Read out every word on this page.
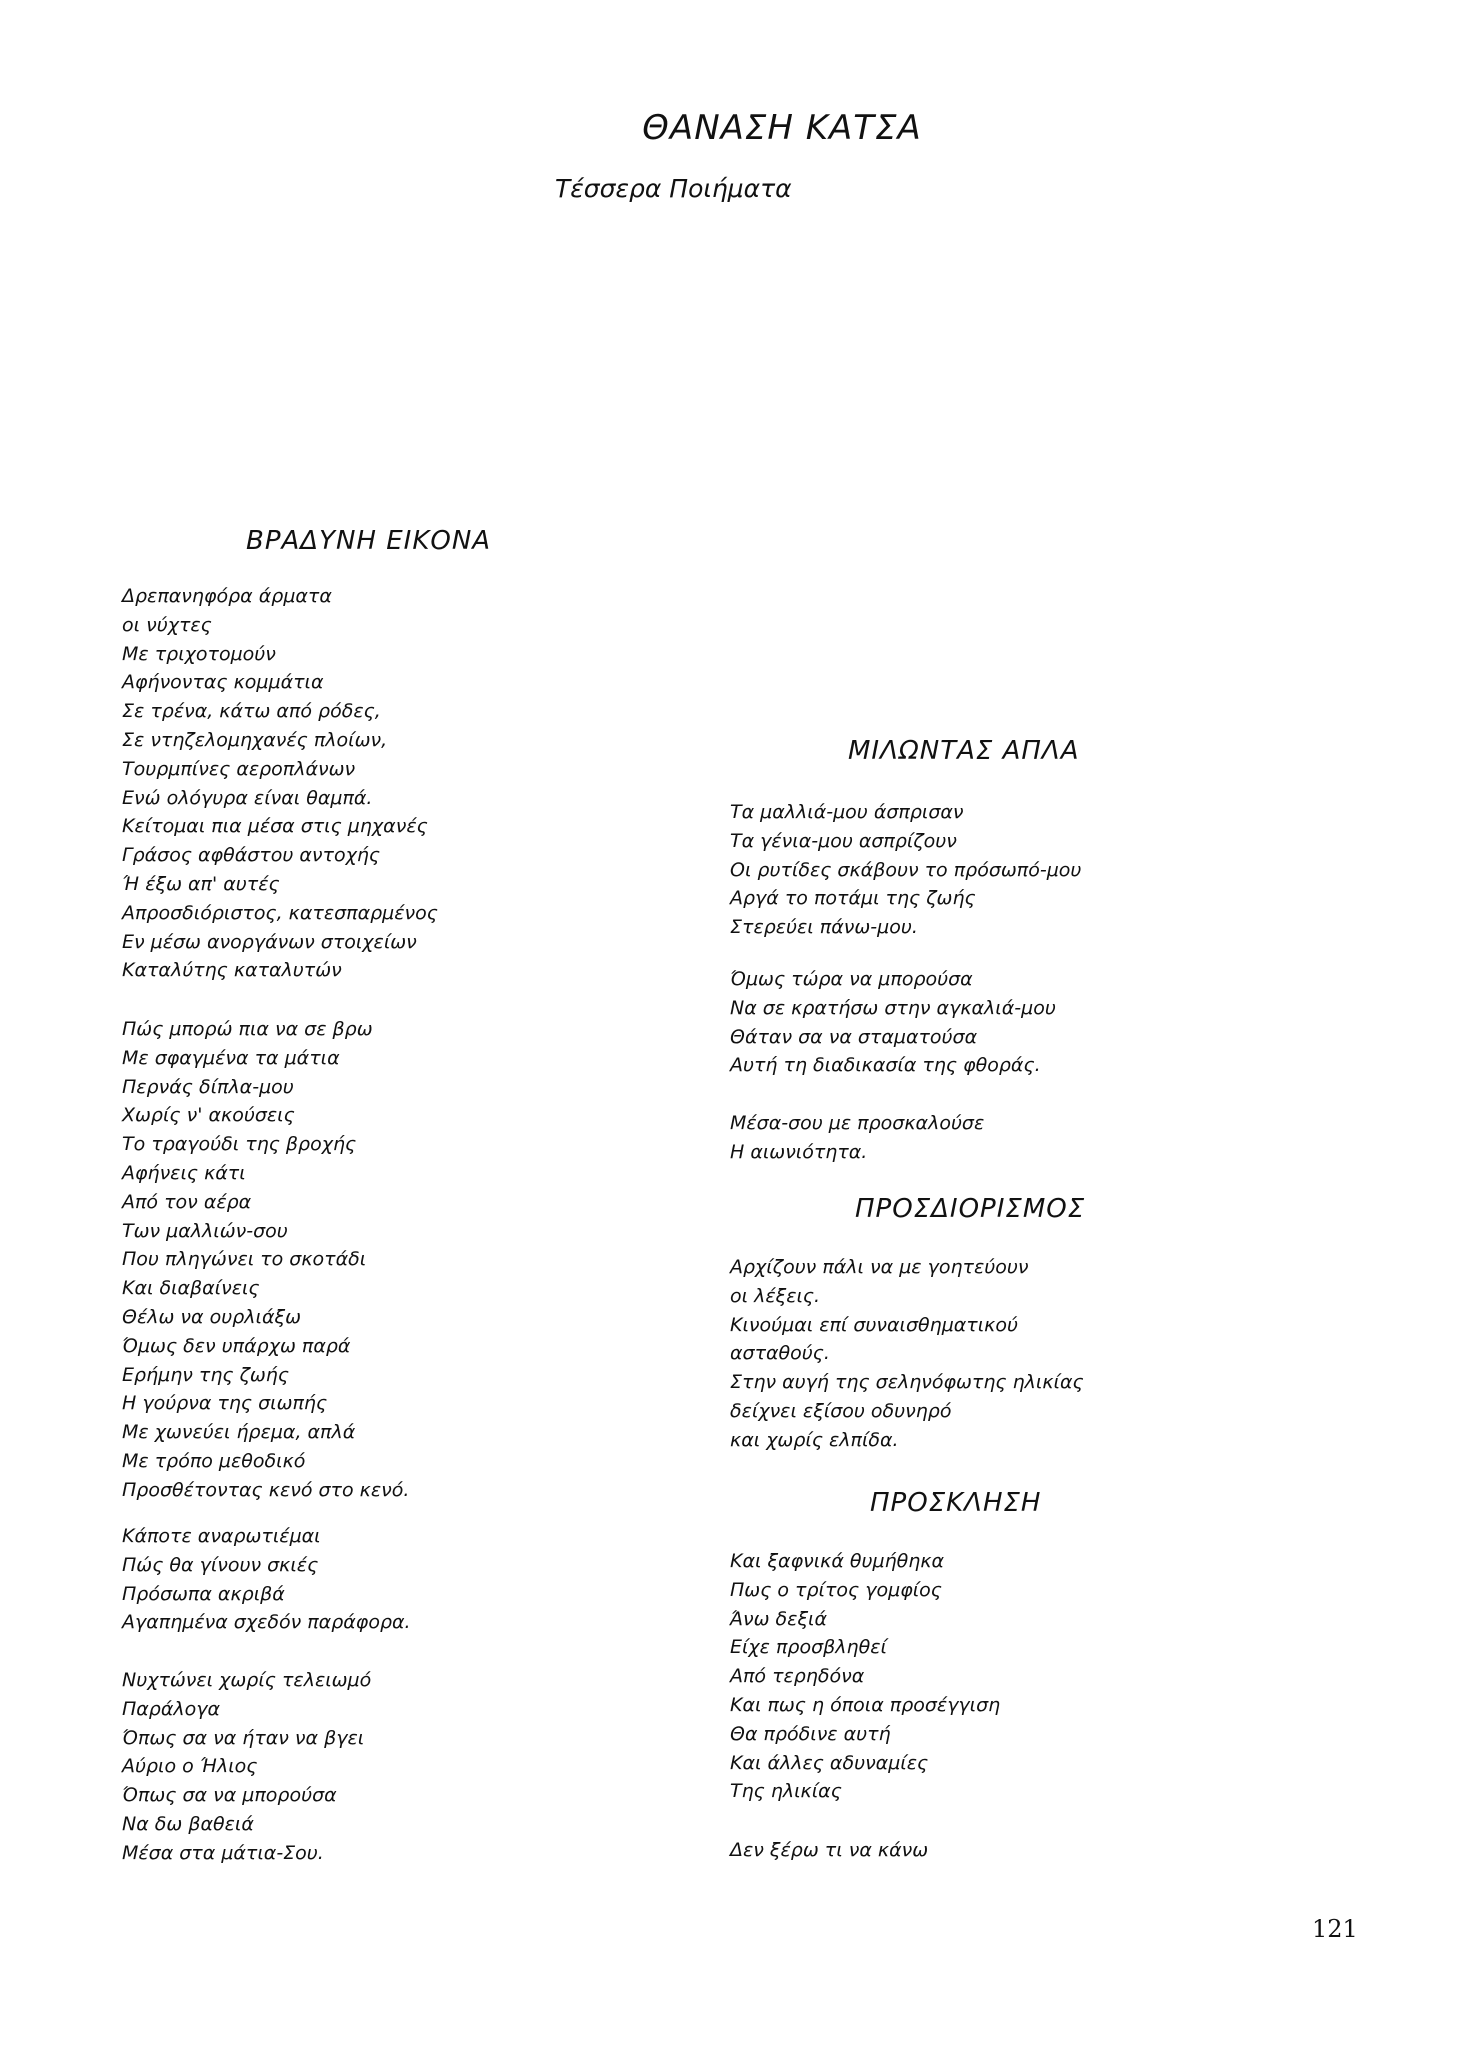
ΘΑΝΑΣΗ ΚΑΤΣΑ
Τέσσερα Ποιήματα
ΒΡΑΔΥΝΗ ΕΙΚΟΝΑ
Δρεπανηφόρα άρματα
οι νύχτες
Με τριχοτομούν
Αφήνοντας κομμάτια
Σε τρένα, κάτω από ρόδες,
Σε ντηζελομηχανές πλοίων,
Τουρμπίνες αεροπλάνων
Ενώ ολόγυρα είναι θαμπά.
Κείτομαι πια μέσα στις μηχανές
Γράσος αφθάστου αντοχής
Ή έξω απ' αυτές
Απροσδιόριστος, κατεσπαρμένος
Εν μέσω ανοργάνων στοιχείων
Καταλύτης καταλυτών
Πώς μπορώ πια να σε βρω
Με σφαγμένα τα μάτια
Περνάς δίπλα-μου
Χωρίς ν' ακούσεις
Το τραγούδι της βροχής
Αφήνεις κάτι
Από τον αέρα
Των μαλλιών-σου
Που πληγώνει το σκοτάδι
Και διαβαίνεις
Θέλω να ουρλιάξω
Όμως δεν υπάρχω παρά
Ερήμην της ζωής
Η γούρνα της σιωπής
Με χωνεύει ήρεμα, απλά
Με τρόπο μεθοδικό
Προσθέτοντας κενό στο κενό.
Κάποτε αναρωτιέμαι
Πώς θα γίνουν σκιές
Πρόσωπα ακριβά
Αγαπημένα σχεδόν παράφορα.
Νυχτώνει χωρίς τελειωμό
Παράλογα
Όπως σα να ήταν να βγει
Αύριο ο Ήλιος
Όπως σα να μπορούσα
Να δω βαθειά
Μέσα στα μάτια-Σου.
ΜΙΛΩΝΤΑΣ ΑΠΛΑ
Τα μαλλιά-μου άσπρισαν
Τα γένια-μου ασπρίζουν
Οι ρυτίδες σκάβουν το πρόσωπό-μου
Αργά το ποτάμι της ζωής
Στερεύει πάνω-μου.
Όμως τώρα να μπορούσα
Να σε κρατήσω στην αγκαλιά-μου
Θάταν σα να σταματούσα
Αυτή τη διαδικασία της φθοράς.
Μέσα-σου με προσκαλούσε
Η αιωνιότητα.
ΠΡΟΣΔΙΟΡΙΣΜΟΣ
Αρχίζουν πάλι να με γοητεύουν
οι λέξεις.
Κινούμαι επί συναισθηματικού
ασταθούς.
Στην αυγή της σεληνόφωτης ηλικίας
δείχνει εξίσου οδυνηρό
και χωρίς ελπίδα.
ΠΡΟΣΚΛΗΣΗ
Και ξαφνικά θυμήθηκα
Πως ο τρίτος γομφίος
Άνω δεξιά
Είχε προσβληθεί
Από τερηδόνα
Και πως η όποια προσέγγιση
Θα πρόδινε αυτή
Και άλλες αδυναμίες
Της ηλικίας
Δεν ξέρω τι να κάνω
121
